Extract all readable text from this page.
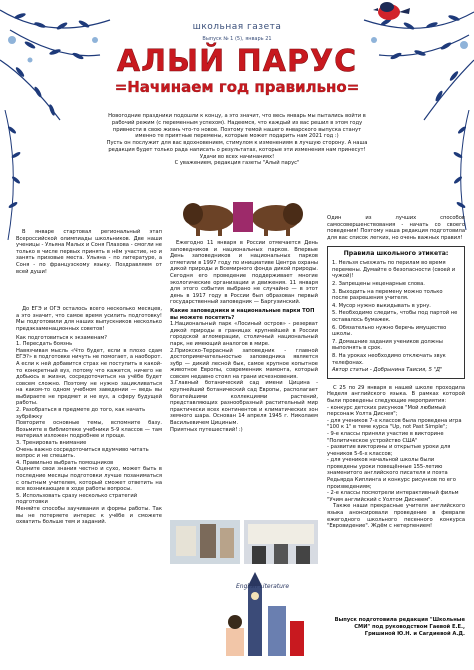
школьная газета
Выпуск № 1 (5), январь 21
АЛЫЙ ПАРУС
=Начинаем год правильно=

Новогодние праздники подошли к концу, а это значит, что весь январь мы пытались войти в рабочий режим (с переменным успехом). Надеемся, что каждый из вас решил в этом году привнести в свою жизнь что-то новое. Поэтому темой нашего январского выпуска станут именно те приятные перемены, которые может подарить нам 2021 год :)

Пусть он послужит для вас вдохновением, стимулом к изменениям в лучшую сторону. А наша редакция будет только рада написать о результатах, которые эти изменения нам принесут! Удачи во всех начинаниях!

С уважением, редакция газеты "Алый парус"

В январе стартовал региональный этап Всероссийской олимпиады школьников. Две наши ученицы - Ульяна Малых и Соня Плахова - смогли не только в числе первых принять в нём участие, но и занять призовые места. Ульяна - по литературе, а Соня - по французскому языку. Поздравляем от всей души!

До ЕГЭ и ОГЭ осталось всего несколько месяцев, а это значит, что самое время усилить подготовку! Мы подготовили для наших выпускников несколько предэкзаменационных советов!

Как подготовиться к экзаменам?
1. Пересдать боязнь
Навязчивая мысль «Что будет, если в плохо сдам ЕГЭ?» в подготовке ничуть не помогает, а наоборот. А если к ней добавится страх не поступить в какой-то конкретный вуз, потому что кажется, ничего не добьюсь в жизни, сосредоточиться на учёбе будет совсем сложно. Поэтому не нужно зацикливаться на каком-то одном учебном заведении — ведь вы выбираете не предмет и не вуз, а сферу будущей работы.
2. Разобраться в предмете до того, как начать зубрёжку
Повторите основные темы, вспомните базу. Возьмите в библиотеке учебники 5-9 классов — там материал изложен подробнее и проще.
3. Тренировать внимание
Очень важно сосредоточиться вдумчиво читать вопрос и не спешить.
4. Правильно выбрать помощников
Оцените свои знания честно и сухо, может быть в последние месяцы подготовки лучше позаниматься с опытным учителем, который сможет ответить на все возникающие в ходе работы вопросы.
5. Использовать сразу несколько стратегий подготовки
Меняйте способы заучивания и формы работы. Так вы не потеряете интерес к учёбе и сможете охватить больше тем и заданий.

Ежегодно 11 января в России отмечается День заповедников и национальных парков. Впервые День заповедников и национальных парков отметили в 1997 году по инициативе Центра охраны дикой природы и Всемирного фонда дикой природы. Сегодня его проведение поддерживает многие экологические организации и движения. 11 января для этого события выбрано не случайно — в этот день в 1917 году в России был образован первый государственный заповедник — Баргузинский.

Какие заповедники и национальные парки ТОП вы можете посетить?
1.Национальный парк «Лосиный остров» - резерват дикой природы в границах крупнейшей в России городской агломерации, столичный национальный парк, не имеющий аналогов в мире.
2.Приокско-Террасный заповедник - главной достопримечательностью заповедника является зубр — дикий лесной бык, самое крупное копытное животное Европы, современник мамонта, который совсем недавно стоял на грани исчезновения.
3.Главный ботанический сад имени Цицина - крупнейший ботанический сад Европы, располагает богатейшими коллекциями растений, представляющих разнообразный растительный мир практически всех континентов и климатических зон земного шара. Основан 14 апреля 1945 г. Николаем Васильевичем Цициным.
Приятных путешествий! :)
English Literature

Один из лучших способов самосовершенствования - начать со своего поведения! Поэтому наша редакция подготовила для вас список легких, но очень важных правил!

Правила школьного этикета:
1. Нельзя съезжать по перилам во время перемены. Думайте о безопасности (своей и чужой)!
2. Запрещены неценарные слова.
3. Выходить на перемену можно только после разрешения учителя.
4. Мусор нужно выкидывать в урну.
5. Необходимо следить, чтобы под партой не оставалось бумажек.
6. Обязательно нужно беречь имущество школы.
7. Домашние задания учеников должны выполнять в срок.
8. На уроках необходимо отключать звук телефонах.
Автор статьи - Добрынина Таисия, 5 "Д"

С 25 по 29 января в нашей школе проходила Неделя английского языка. В рамках которой были проведены следующие мероприятия:

- конкурс детских рисунков "Мой любимый персонаж Уолта Диснея";
- для учеников 7-х классов была проведена игра "100 к 1" в теме курса "Up, not Past Simple";
- 9-е классы приняли участие в викторине "Политическое устройство США"
- развитие викторины и открытые уроки для учеников 5-6-х классов;
- для учеников начальной школы были проведены уроки повещённые 155-летию знаменитого английского писателя и поэта Редьярда Киплинга и конкурс рисунков по его произведениям;
- 2-е классы посмотрели интерактивный фильм "Учим английский с Уолтом Диснеем".

Также наши прекрасные учителя английского языка анонсировали проведение в феврале ежегодного школьного песенного конкурса "Евровидение". Ждём с нетерпением!

Выпуск подготовила редакция "Школьные СМИ" под руководством Гаевой Е.Е., Гришиной Ю.Н. и Сагдиевой А.Д.
